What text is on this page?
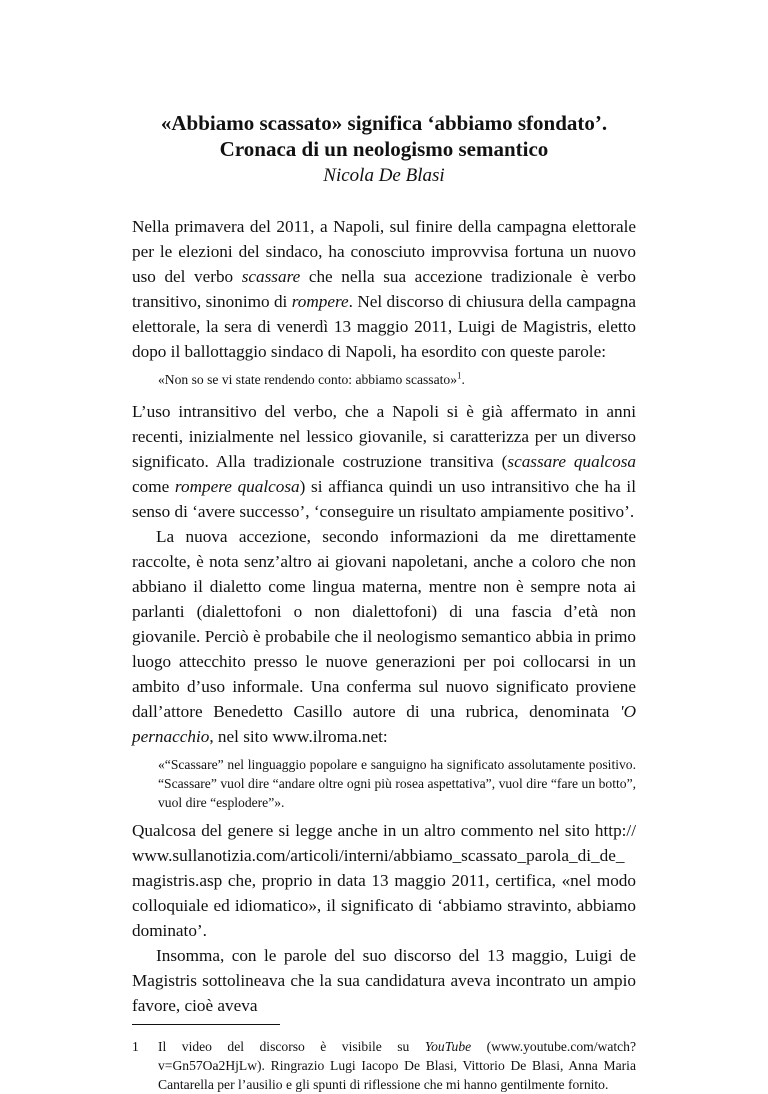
«Abbiamo scassato» significa ‘abbiamo sfondato’.
Cronaca di un neologismo semantico
Nicola De Blasi

Nella primavera del 2011, a Napoli, sul finire della campagna elettorale per le elezioni del sindaco, ha conosciuto improvvisa fortuna un nuovo uso del verbo scassare che nella sua accezione tradizionale è verbo transitivo, sinonimo di rompere. Nel discorso di chiusura della campagna elettorale, la sera di venerdì 13 maggio 2011, Luigi de Magistris, eletto dopo il ballottaggio sindaco di Napoli, ha esordito con queste parole:

«Non so se vi state rendendo conto: abbiamo scassato»$^1$.

L’uso intransitivo del verbo, che a Napoli si è già affermato in anni recenti, inizialmente nel lessico giovanile, si caratterizza per un diverso significato. Alla tradizionale costruzione transitiva (scassare qualcosa come rompere qualcosa) si affianca quindi un uso intransitivo che ha il senso di ‘avere successo’, ‘conseguire un risultato ampiamente positivo’.

La nuova accezione, secondo informazioni da me direttamente raccolte, è nota senz’altro ai giovani napoletani, anche a coloro che non abbiano il dialetto come lingua materna, mentre non è sempre nota ai parlanti (dialettofoni o non dialettofoni) di una fascia d’età non giovanile. Perciò è probabile che il neologismo semantico abbia in primo luogo attecchito presso le nuove generazioni per poi collocarsi in un ambito d’uso informale. Una conferma sul nuovo significato proviene dall’attore Benedetto Casillo autore di una rubrica, denominata 'O pernacchio, nel sito www.ilroma.net:

«“Scassare” nel linguaggio popolare e sanguigno ha significato assolutamente positivo. “Scassare” vuol dire “andare oltre ogni più rosea aspettativa”, vuol dire “fare un botto”, vuol dire “esplodere”».

Qualcosa del genere si legge anche in un altro commento nel sito http://www.sullanotizia.com/articoli/interni/abbiamo_scassato_parola_di_de_magistris.asp che, proprio in data 13 maggio 2011, certifica, «nel modo colloquiale ed idiomatico», il significato di ‘abbiamo stravinto, abbiamo dominato’.

Insomma, con le parole del suo discorso del 13 maggio, Luigi de Magistris sottolineava che la sua candidatura aveva incontrato un ampio favore, cioè aveva

1	Il video del discorso è visibile su YouTube (www.youtube.com/watch?v=Gn57Oa2HjLw). Ringrazio Lugi Iacopo De Blasi, Vittorio De Blasi, Anna Maria Cantarella per l’ausilio e gli spunti di riflessione che mi hanno gentilmente fornito.
